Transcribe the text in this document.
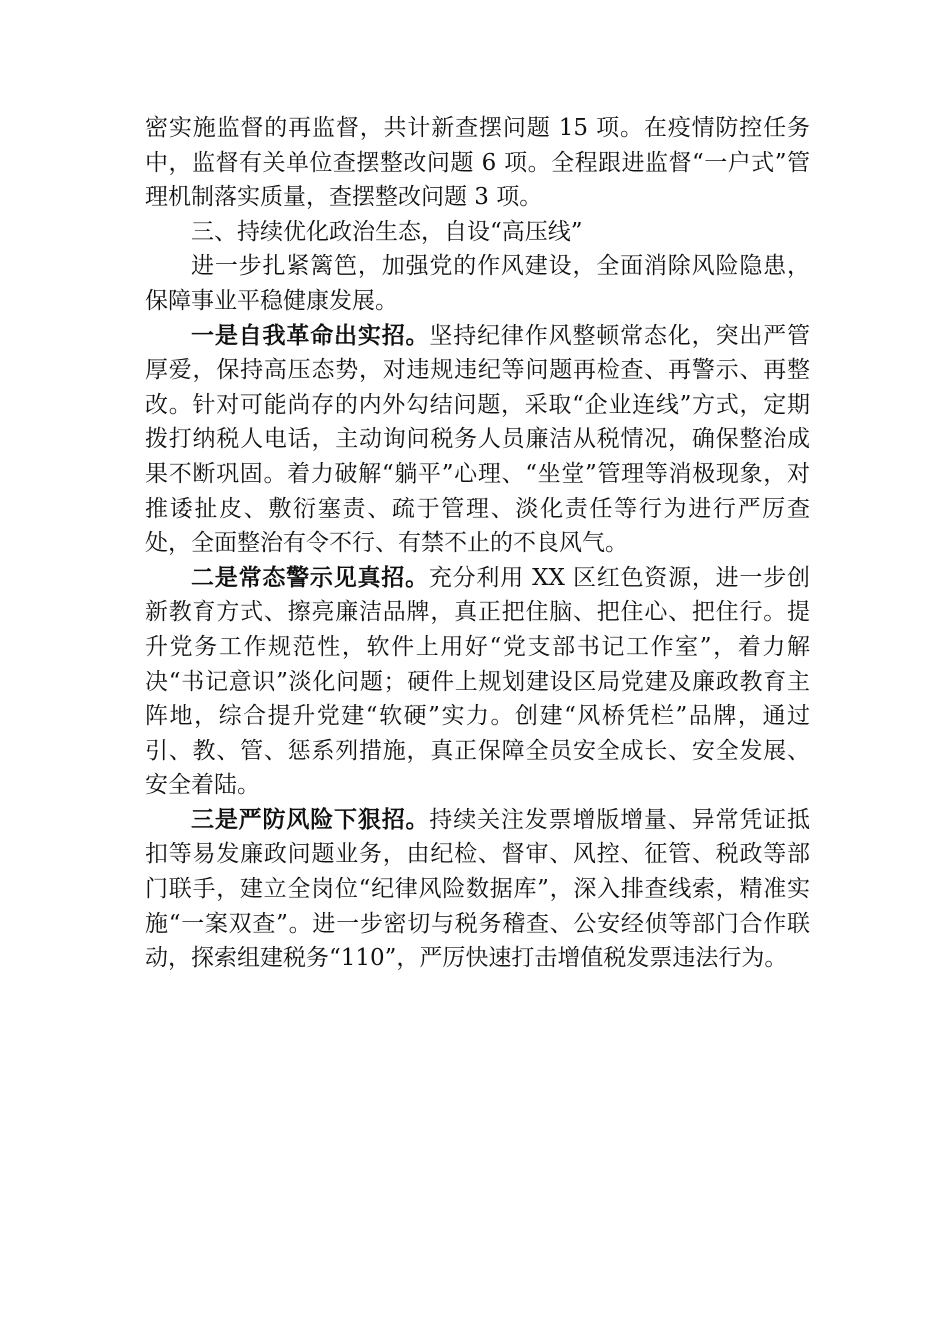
密实施监督的再监督，共计新查摆问题 15 项。在疫情防控任务中，监督有关单位查摆整改问题 6 项。全程跟进监督“一户式”管理机制落实质量，查摆整改问题 3 项。

三、持续优化政治生态，自设“高压线”

进一步扎紧篱笆，加强党的作风建设，全面消除风险隐患，保障事业平稳健康发展。

一是自我革命出实招。坚持纪律作风整顿常态化，突出严管厚爱，保持高压态势，对违规违纪等问题再检查、再警示、再整改。针对可能尚存的内外勾结问题，采取“企业连线”方式，定期拨打纳税人电话，主动询问税务人员廉洁从税情况，确保整治成果不断巩固。着力破解“躺平”心理、“坐堂”管理等消极现象，对推诿扯皮、敷衍塞责、疏于管理、淡化责任等行为进行严厉查处，全面整治有令不行、有禁不止的不良风气。

二是常态警示见真招。充分利用 XX 区红色资源，进一步创新教育方式、擦亮廉洁品牌，真正把住脑、把住心、把住行。提升党务工作规范性，软件上用好“党支部书记工作室”，着力解决“书记意识”淡化问题；硬件上规划建设区局党建及廉政教育主阵地，综合提升党建“软硬”实力。创建“风桥凭栏”品牌，通过引、教、管、惩系列措施，真正保障全员安全成长、安全发展、安全着陆。

三是严防风险下狠招。持续关注发票增版增量、异常凭证抵扣等易发廉政问题业务，由纪检、督审、风控、征管、税政等部门联手，建立全岗位“纪律风险数据库”，深入排查线索，精准实施“一案双查”。进一步密切与税务稽查、公安经侦等部门合作联动，探索组建税务“110”，严厉快速打击增值税发票违法行为。
